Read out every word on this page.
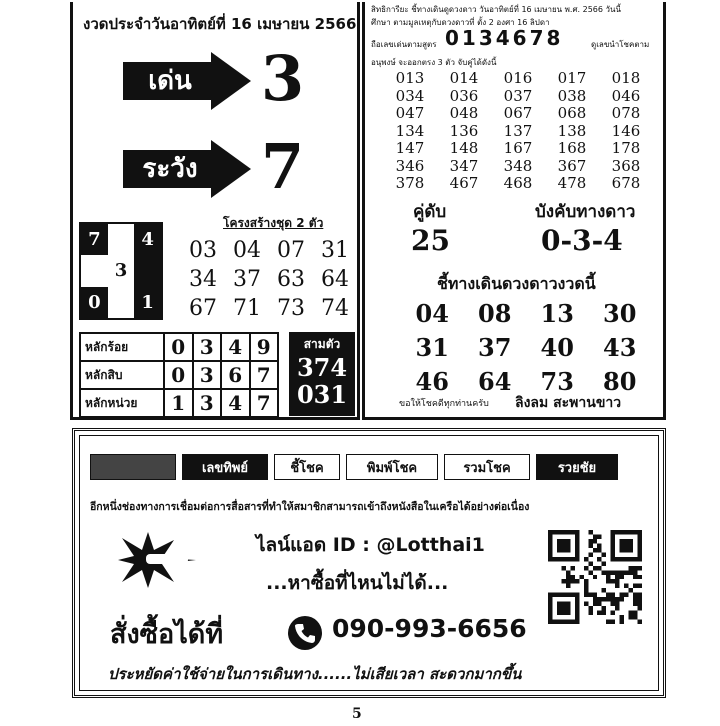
งวดประจำวันอาทิตย์ที่ 16 เมษายน 2566
เด่น	3
ระวัง 7
7	4
3
0	1
โครงสร้างชุด 2 ตัว
03 04 07 31
34 37 63 64
67 71 73 74
หลักร้อย	0	3	4	9
หลักสิบ	0	3	6	7
หลักหน่วย	1	3	4	7
สามตัว
374
031
สิทธิการียะ ชี้ทางเดินดูดวงดาว วันอาทิตย์ที่ 16 เมษายน พ.ศ. 2566 วันนี้
ศึกษา ตามมูลเหตุกับดวงดาวที่ ตั้ง 2 องศา 16 ลิปดา
ถือเลขเด่นตามสูตร 0134678	ดูเลขนำโชคตาม
อนุพงษ์ จะออกตรง 3 ตัว จับคู่ได้ดังนี้
013	014	016	017	018
034	036	037	038	046
047	048	067	068	078
134	136	137	138	146
147	148	167	168	178
346	347	348	367	368
378	467	468	478	678
คู่ดับ
25
บังคับทางดาว
0-3-4
ชี้ทางเดินดวงดาวงวดนี้
04	08	13	30
31	37	40	43
46	64	73	80
ขอให้โชคดีทุกท่านครับ ลิงลม สะพานขาว
เลขทิพย์	ชี้โชค	พิมพ์โชค	รวมโชค	รวยชัย
อีกหนึ่งช่องทางการเชื่อมต่อการสื่อสารที่ทำให้สมาชิกสามารถเข้าถึงหนังสือในเครือได้อย่างต่อเนื่อง
ไลน์แอด ID : @Lotthai1
...หาซื้อที่ไหนไม่ได้...
สั่งซื้อได้ที่	090-993-6656
ประหยัดค่าใช้จ่ายในการเดินทาง......ไม่เสียเวลา สะดวกมากขึ้น
5
